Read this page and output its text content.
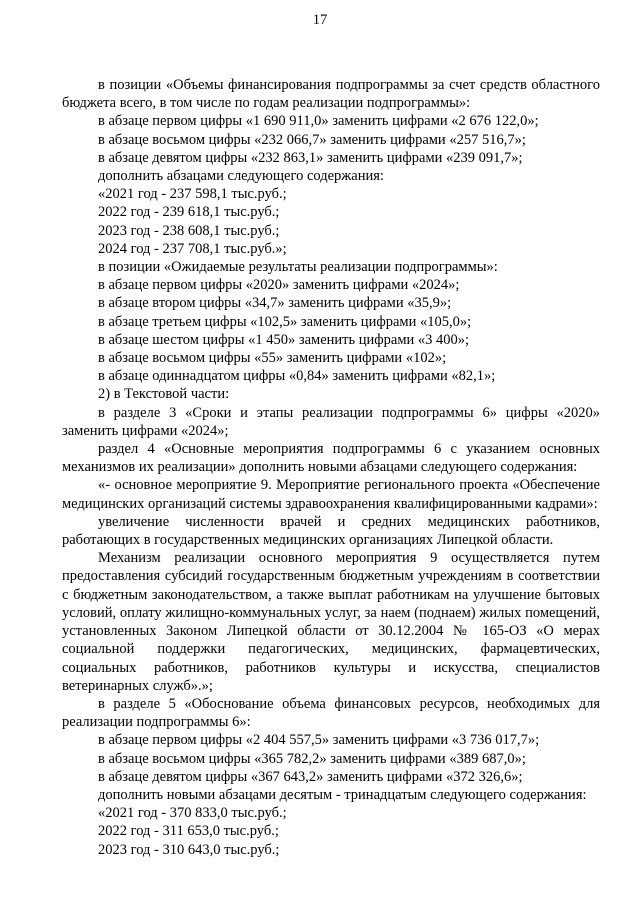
17

в позиции «Объемы финансирования подпрограммы за счет средств областного бюджета всего, в том числе по годам реализации подпрограммы»:

в абзаце первом цифры «1 690 911,0» заменить цифрами «2 676 122,0»;

в абзаце восьмом цифры «232 066,7» заменить цифрами «257 516,7»;

в абзаце девятом цифры «232 863,1» заменить цифрами «239 091,7»;

дополнить абзацами следующего содержания:

«2021 год - 237 598,1 тыс.руб.;

2022 год - 239 618,1 тыс.руб.;

2023 год - 238 608,1 тыс.руб.;

2024 год - 237 708,1 тыс.руб.»;

в позиции «Ожидаемые результаты реализации подпрограммы»:

в абзаце первом цифры «2020» заменить цифрами «2024»;

в абзаце втором цифры «34,7» заменить цифрами «35,9»;

в абзаце третьем цифры «102,5» заменить цифрами «105,0»;

в абзаце шестом цифры «1 450» заменить цифрами «3 400»;

в абзаце восьмом цифры «55» заменить цифрами «102»;

в абзаце одиннадцатом цифры «0,84» заменить цифрами «82,1»;

2) в Текстовой части:

в разделе 3 «Сроки и этапы реализации подпрограммы 6» цифры «2020» заменить цифрами «2024»;

раздел 4 «Основные мероприятия подпрограммы 6 с указанием основных механизмов их реализации» дополнить новыми абзацами следующего содержания:

«- основное мероприятие 9. Мероприятие регионального проекта «Обеспечение медицинских организаций системы здравоохранения квалифицированными кадрами»:

увеличение численности врачей и средних медицинских работников, работающих в государственных медицинских организациях Липецкой области.

Механизм реализации основного мероприятия 9 осуществляется путем предоставления субсидий государственным бюджетным учреждениям в соответствии с бюджетным законодательством, а также выплат работникам на улучшение бытовых условий, оплату жилищно-коммунальных услуг, за наем (поднаем) жилых помещений, установленных Законом Липецкой области от 30.12.2004 № 165-ОЗ «О мерах социальной поддержки педагогических, медицинских, фармацевтических, социальных работников, работников культуры и искусства, специалистов ветеринарных служб».»;

в разделе 5 «Обоснование объема финансовых ресурсов, необходимых для реализации подпрограммы 6»:

в абзаце первом цифры «2 404 557,5» заменить цифрами «3 736 017,7»;

в абзаце восьмом цифры «365 782,2» заменить цифрами «389 687,0»;

в абзаце девятом цифры «367 643,2» заменить цифрами «372 326,6»;

дополнить новыми абзацами десятым - тринадцатым следующего содержания:

«2021 год - 370 833,0 тыс.руб.;

2022 год - 311 653,0 тыс.руб.;

2023 год - 310 643,0 тыс.руб.;
